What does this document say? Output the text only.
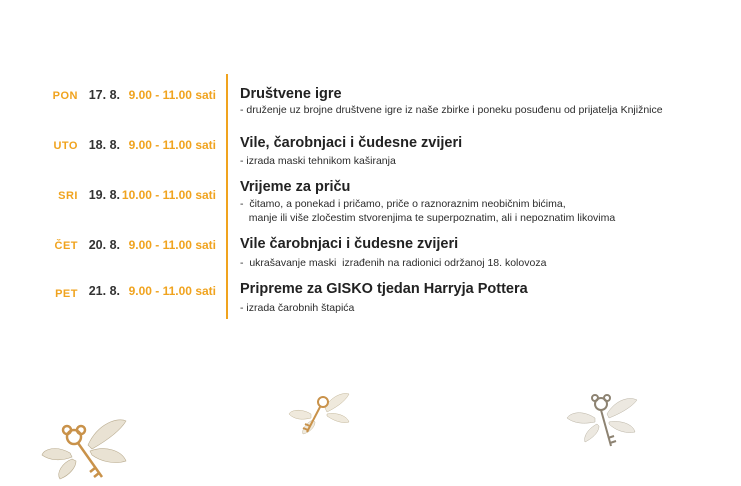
PON 17. 8. 9.00 - 11.00 sati Društvene igre
- druženje uz brojne društvene igre iz naše zbirke i poneku posuđenu od prijatelja Knjižnice
UTO 18. 8. 9.00 - 11.00 sati Vile, čarobnjaci i čudesne zvijeri
- izrada maski tehnikom kaširanja
SRI 19. 8. 10.00 - 11.00 sati Vrijeme za priču
-  čitamo, a ponekad i pričamo, priče o raznoraznim neobičnim bićima,
manje ili više zločestim stvorenjima te superpoznatim, ali i nepoznatim likovima
ČET 20. 8. 9.00 - 11.00 sati Vile čarobnjaci i čudesne zvijeri
-  ukrašavanje maski  izrađenih na radionici održanoj 18. kolovoza
PET 21. 8. 9.00 - 11.00 sati Pripreme za GISKO tjedan Harryja Pottera
- izrada čarobnih štapića
